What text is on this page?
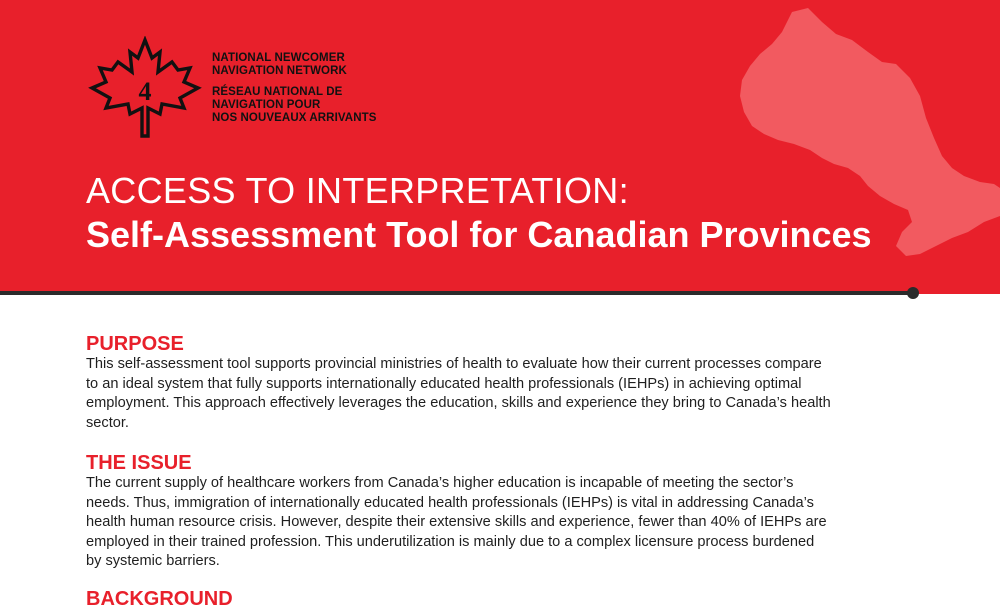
4
NATIONAL NEWCOMER
NAVIGATION NETWORK
RÉSEAU NATIONAL DE
NAVIGATION POUR
NOS NOUVEAUX ARRIVANTS
ACCESS TO INTERPRETATION:
Self-Assessment Tool for Canadian Provinces
PURPOSE
This self-assessment tool supports provincial ministries of health to evaluate how their current processes compare
to an ideal system that fully supports internationally educated health professionals (IEHPs) in achieving optimal
employment. This approach effectively leverages the education, skills and experience they bring to Canada’s health
sector.
THE ISSUE
The current supply of healthcare workers from Canada’s higher education is incapable of meeting the sector’s
needs. Thus, immigration of internationally educated health professionals (IEHPs) is vital in addressing Canada’s
health human resource crisis. However, despite their extensive skills and experience, fewer than 40% of IEHPs are
employed in their trained profession. This underutilization is mainly due to a complex licensure process burdened
by systemic barriers.
BACKGROUND
